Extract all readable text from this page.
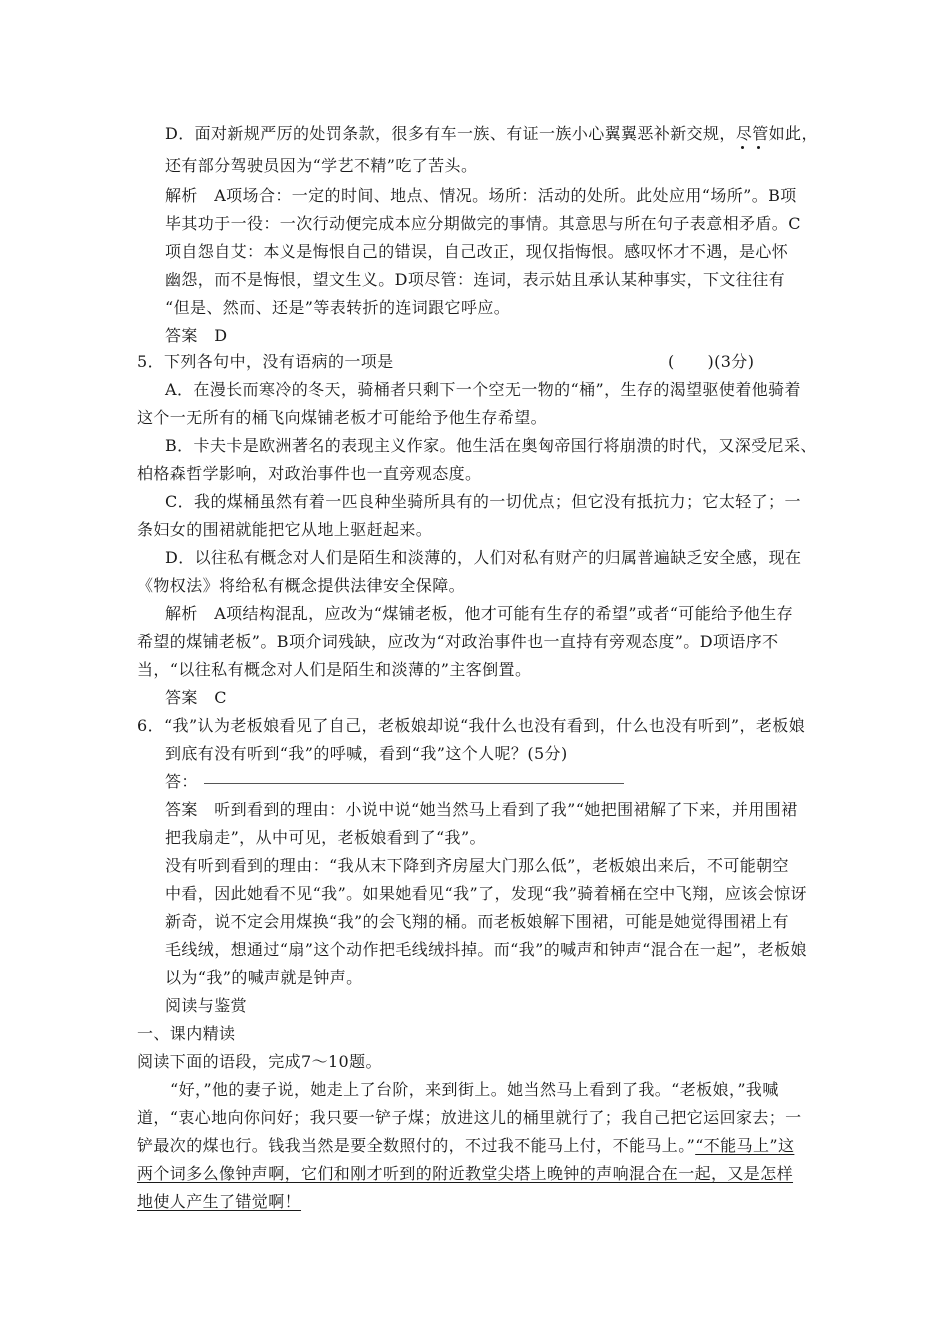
D．面对新规严厉的处罚条款，很多有车一族、有证一族小心翼翼恶补新交规，尽管
如此，
还有部分驾驶员因为“学艺不精”吃了苦头。
解析　A项场合：一定的时间、地点、情况。场所：活动的处所。此处应用“场所”。B项
毕其功于一役：一次行动便完成本应分期做完的事情。其意思与所在句子表意相矛盾。C
项自怨自艾：本义是悔恨自己的错误，自己改正，现仅指悔恨。感叹怀才不遇，是心怀
幽怨，而不是悔恨，望文生义。D项尽管：连词，表示姑且承认某种事实，下文往往有
“但是、然而、还是”等表转折的连词跟它呼应。
答案　D
5．下列各句中，没有语病的一项是	(　　)(3分)
A．在漫长而寒冷的冬天，骑桶者只剩下一个空无一物的“桶”，生存的渴望驱使着他骑着
这个一无所有的桶飞向煤铺老板才可能给予他生存希望。
B．卡夫卡是欧洲著名的表现主义作家。他生活在奥匈帝国行将崩溃的时代，又深受尼采、
柏格森哲学影响，对政治事件也一直旁观态度。
C．我的煤桶虽然有着一匹良种坐骑所具有的一切优点；但它没有抵抗力；它太轻了；一
条妇女的围裙就能把它从地上驱赶起来。
D．以往私有概念对人们是陌生和淡薄的，人们对私有财产的归属普遍缺乏安全感，现在
《物权法》将给私有概念提供法律安全保障。
解析　A项结构混乱，应改为“煤铺老板，他才可能有生存的希望”或者“可能给予他生存
希望的煤铺老板”。B项介词残缺，应改为“对政治事件也一直持有旁观态度”。D项语序不
当，“以往私有概念对人们是陌生和淡薄的”主客倒置。
答案　C
6．“我”认为老板娘看见了自己，老板娘却说“我什么也没有看到，什么也没有听到”，老板娘
到底有没有听到“我”的呼喊，看到“我”这个人呢？(5分)
答：
答案　听到看到的理由：小说中说“她当然马上看到了我”“她把围裙解了下来，并用围裙
把我扇走”，从中可见，老板娘看到了“我”。
没有听到看到的理由：“我从末下降到齐房屋大门那么低”，老板娘出来后，不可能朝空
中看，因此她看不见“我”。如果她看见“我”了，发现“我”骑着桶在空中飞翔，应该会惊讶
新奇，说不定会用煤换“我”的会飞翔的桶。而老板娘解下围裙，可能是她觉得围裙上有
毛线绒，想通过“扇”这个动作把毛线绒抖掉。而“我”的喊声和钟声“混合在一起”，老板娘
以为“我”的喊声就是钟声。
阅读与鉴赏
一、课内精读
阅读下面的语段，完成7～10题。
“好，”他的妻子说，她走上了台阶，来到街上。她当然马上看到了我。“老板娘，”我喊
道，“衷心地向你问好；我只要一铲子煤；放进这儿的桶里就行了；我自己把它运回家去；一
铲最次的煤也行。钱我当然是要全数照付的，不过我不能马上付，不能马上。”“不能马上”这
两个词多么像钟声啊，它们和刚才听到的附近教堂尖塔上晚钟的声响混合在一起，又是怎样
地使人产生了错觉啊！
